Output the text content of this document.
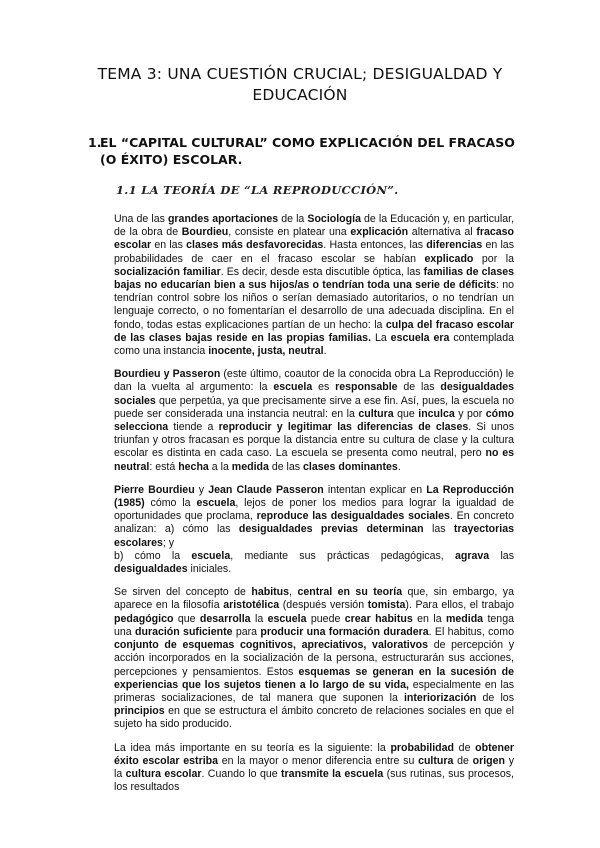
TEMA 3: UNA CUESTIÓN CRUCIAL; DESIGUALDAD Y EDUCACIÓN
1.
EL “CAPITAL CULTURAL” COMO EXPLICACIÓN DEL FRACASO (O ÉXITO) ESCOLAR.
1.1 LA TEORÍA DE “LA REPRODUCCIÓN”.

Una de las grandes aportaciones de la Sociología de la Educación y, en particular, de la obra de Bourdieu, consiste en platear una explicación alternativa al fracaso escolar en las clases más desfavorecidas. Hasta entonces, las diferencias en las probabilidades de caer en el fracaso escolar se habían explicado por la socialización familiar. Es decir, desde esta discutible óptica, las familias de clases bajas no educarían bien a sus hijos/as o tendrían toda una serie de déficits: no tendrían control sobre los niños o serían demasiado autoritarios, o no tendrían un lenguaje correcto, o no fomentarían el desarrollo de una adecuada disciplina. En el fondo, todas estas explicaciones partían de un hecho: la culpa del fracaso escolar de las clases bajas reside en las propias familias. La escuela era contemplada como una instancia inocente, justa, neutral.

Bourdieu y Passeron (este último, coautor de la conocida obra La Reproducción) le dan la vuelta al argumento: la escuela es responsable de las desigualdades sociales que perpetúa, ya que precisamente sirve a ese fin. Así, pues, la escuela no puede ser considerada una instancia neutral: en la cultura que inculca y por cómo selecciona tiende a reproducir y legitimar las diferencias de clases. Si unos triunfan y otros fracasan es porque la distancia entre su cultura de clase y la cultura escolar es distinta en cada caso. La escuela se presenta como neutral, pero no es neutral: está hecha a la medida de las clases dominantes.

Pierre Bourdieu y Jean Claude Passeron intentan explicar en La Reproducción (1985) cómo la escuela, lejos de poner los medios para lograr la igualdad de oportunidades que proclama, reproduce las desigualdades sociales. En concreto analizan: a) cómo las desigualdades previas determinan las trayectorias escolares; y
b) cómo la escuela, mediante sus prácticas pedagógicas, agrava las desigualdades iniciales.

Se sirven del concepto de habitus, central en su teoría que, sin embargo, ya aparece en la filosofía aristotélica (después versión tomista). Para ellos, el trabajo pedagógico que desarrolla la escuela puede crear habitus en la medida tenga una duración suficiente para producir una formación duradera. El habitus, como conjunto de esquemas cognitivos, apreciativos, valorativos de percepción y acción incorporados en la socialización de la persona, estructurarán sus acciones, percepciones y pensamientos. Estos esquemas se generan en la sucesión de experiencias que los sujetos tienen a lo largo de su vida, especialmente en las primeras socializaciones, de tal manera que suponen la interiorización de los principios en que se estructura el ámbito concreto de relaciones sociales en que el sujeto ha sido producido.

La idea más importante en su teoría es la siguiente: la probabilidad de obtener éxito escolar estriba en la mayor o menor diferencia entre su cultura de origen y la cultura escolar. Cuando lo que transmite la escuela (sus rutinas, sus procesos, los resultados
